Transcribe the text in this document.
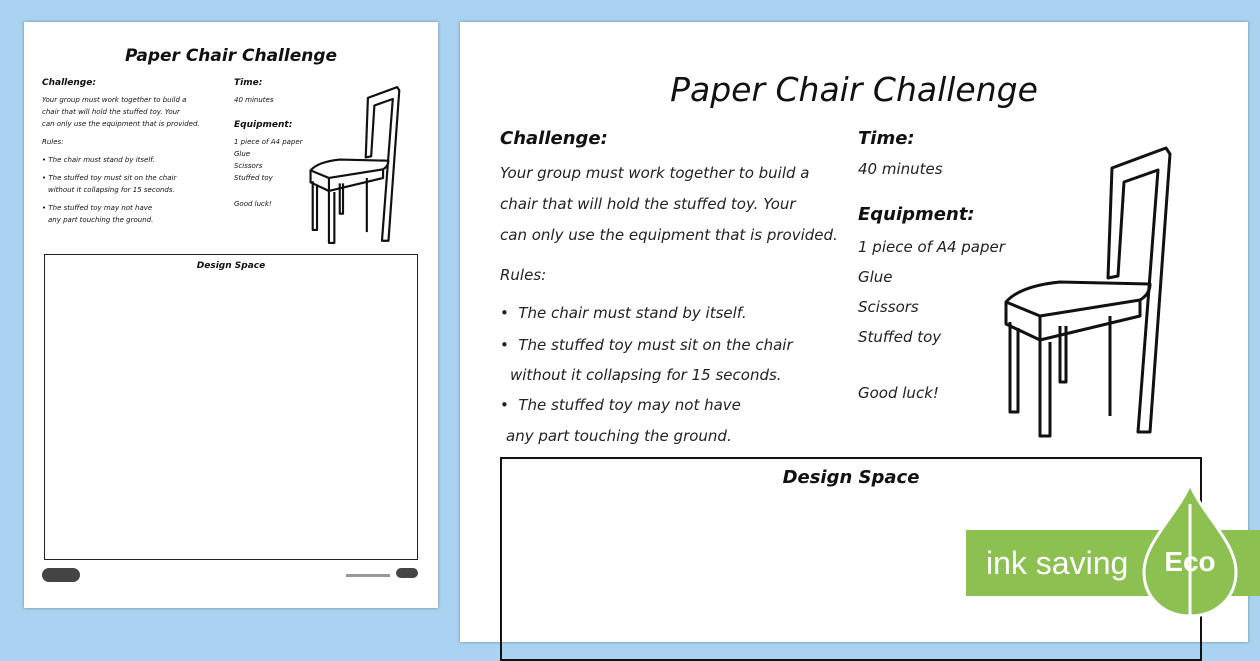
Paper Chair Challenge
Challenge:
Your group must work together to build a
chair that will hold the stuffed toy. Your
can only use the equipment that is provided.
Rules:
• The chair must stand by itself.
• The stuffed toy must sit on the chair
without it collapsing for 15 seconds.
• The stuffed toy may not have
any part touching the ground.
Time:
40 minutes
Equipment:
1 piece of A4 paper
Glue
Scissors
Stuffed toy
Good luck!
Design Space
Paper Chair Challenge
Challenge:
Your group must work together to build a
chair that will hold the stuffed toy. Your
can only use the equipment that is provided.
Rules:
•  The chair must stand by itself.
•  The stuffed toy must sit on the chair
without it collapsing for 15 seconds.
•  The stuffed toy may not have
any part touching the ground.
Time:
40 minutes
Equipment:
1 piece of A4 paper
Glue
Scissors
Stuffed toy
Good luck!
Design Space
ink saving	Eco
